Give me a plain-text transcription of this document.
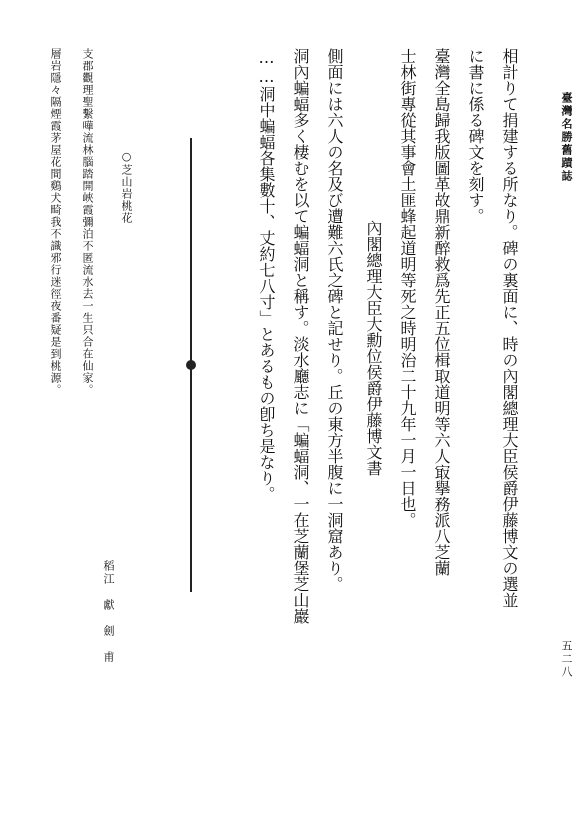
臺灣名勝舊蹟誌
五二八
相計りて捐建する所なり。碑の裏面に、時の內閣總理大臣侯爵伊藤博文の選並
に書に係る碑文を刻す。
臺灣全島歸我版圖革故鼎新醉救爲先正五位楫取道明等六人㝡擧務派八芝蘭
士林街專從其事會土匪蜂起道明等死之時明治二十九年一月一日也。
內閣總理大臣大勳位侯爵伊藤博文書
側面には六人の名及び遭難六氏之碑と記せり。丘の東方半腹に一洞窟あり。
洞內蝙蝠多く棲むを以て蝙蝠洞と稱す。淡水廳志に「蝙蝠洞、一在芝蘭堡芝山巖
……洞中蝙蝠各集數十、丈約七八寸」とあるもの卽ち是なり。
○芝山岩桃花
稻江　獻　劍　甫
支郡觀理聖繫嘩流林腦踏開峽霞彌泊不匿流水去一生只合在仙家。
層岩隱々隔煙霞茅屋花間鷄犬畸我不識邪行迷徑夜番疑是到桃源。
